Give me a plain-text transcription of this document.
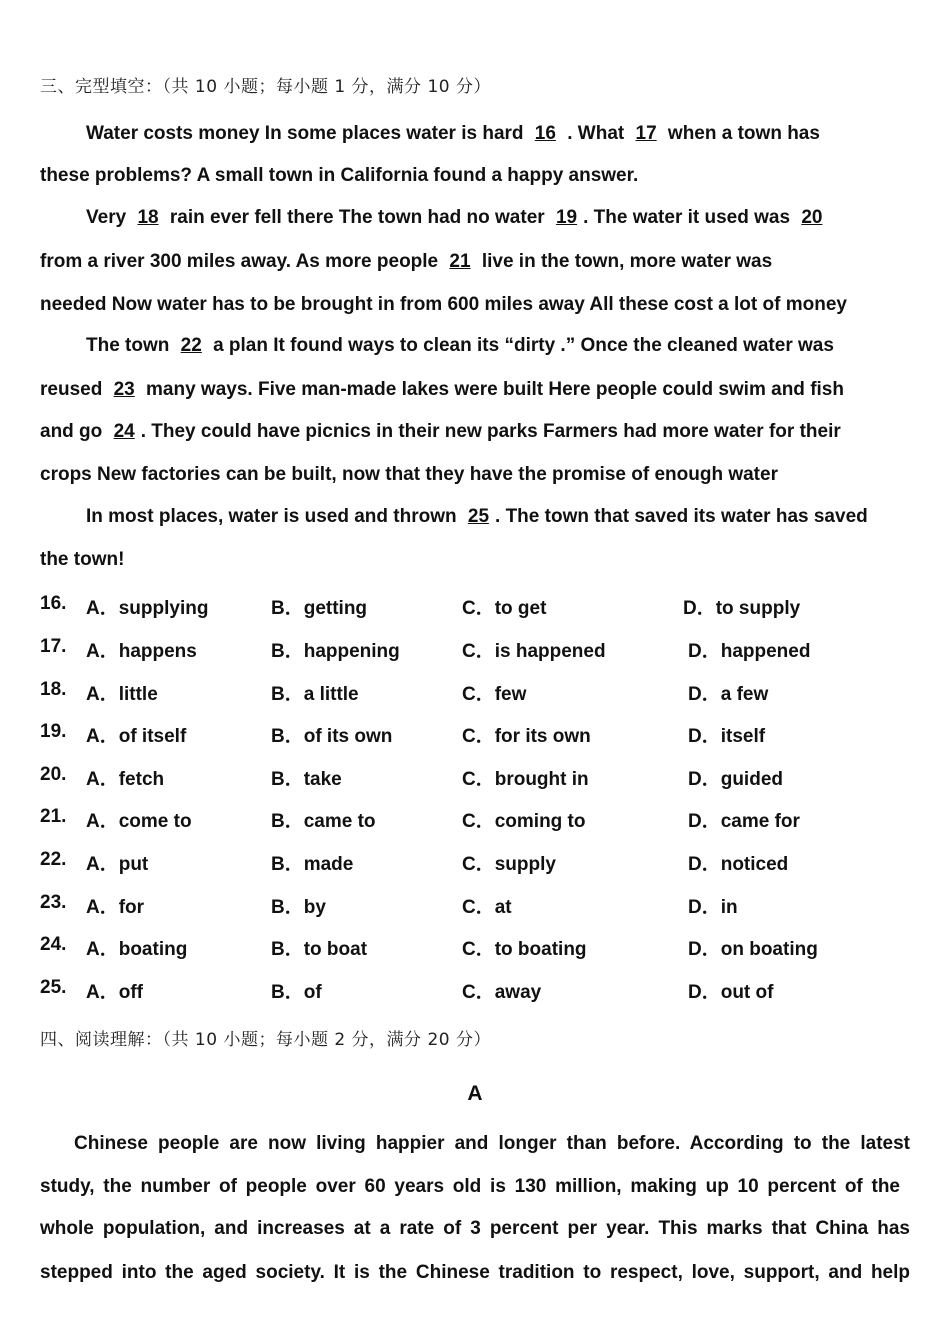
三、完型填空：（共 10 小题；每小题 1 分，满分 10 分）
Water costs money In some places water is hard 16 . What 17 when a town has
these problems? A small town in California found a happy answer.
Very 18 rain ever fell there The town had no water 19 . The water it used was 20
from a river 300 miles away. As more people 21 live in the town, more water was
needed Now water has to be brought in from 600 miles away All these cost a lot of money
The town 22 a plan It found ways to clean its “dirty .” Once the cleaned water was
reused 23 many ways. Five man-made lakes were built Here people could swim and fish
and go 24 . They could have picnics in their new parks Farmers had more water for their
crops New factories can be built, now that they have the promise of enough water
In most places, water is used and thrown 25 . The town that saved its water has saved
the town!
16. A．supplying	B．getting	C．to get	D．to supply
17. A．happens	B．happening	C．is happened	D．happened
18. A．little	B．a little	C．few	D．a few
19. A．of itself	B．of its own	C．for its own	D．itself
20. A．fetch	B．take	C．brought in	D．guided
21. A．come to	B．came to	C．coming to	D．came for
22. A．put	B．made	C．supply	D．noticed
23. A．for	B．by	C．at	D．in
24. A．boating	B．to boat	C．to boating	D．on boating
25. A．off	B．of	C．away	D．out of
四、阅读理解：（共 10 小题；每小题 2 分，满分 20 分）
A
Chinese people are now living happier and longer than before. According to the latest
study, the number of people over 60 years old is 130 million, making up 10 percent of the
whole population, and increases at a rate of 3 percent per year. This marks that China has
stepped into the aged society. It is the Chinese tradition to respect, love, support, and help
